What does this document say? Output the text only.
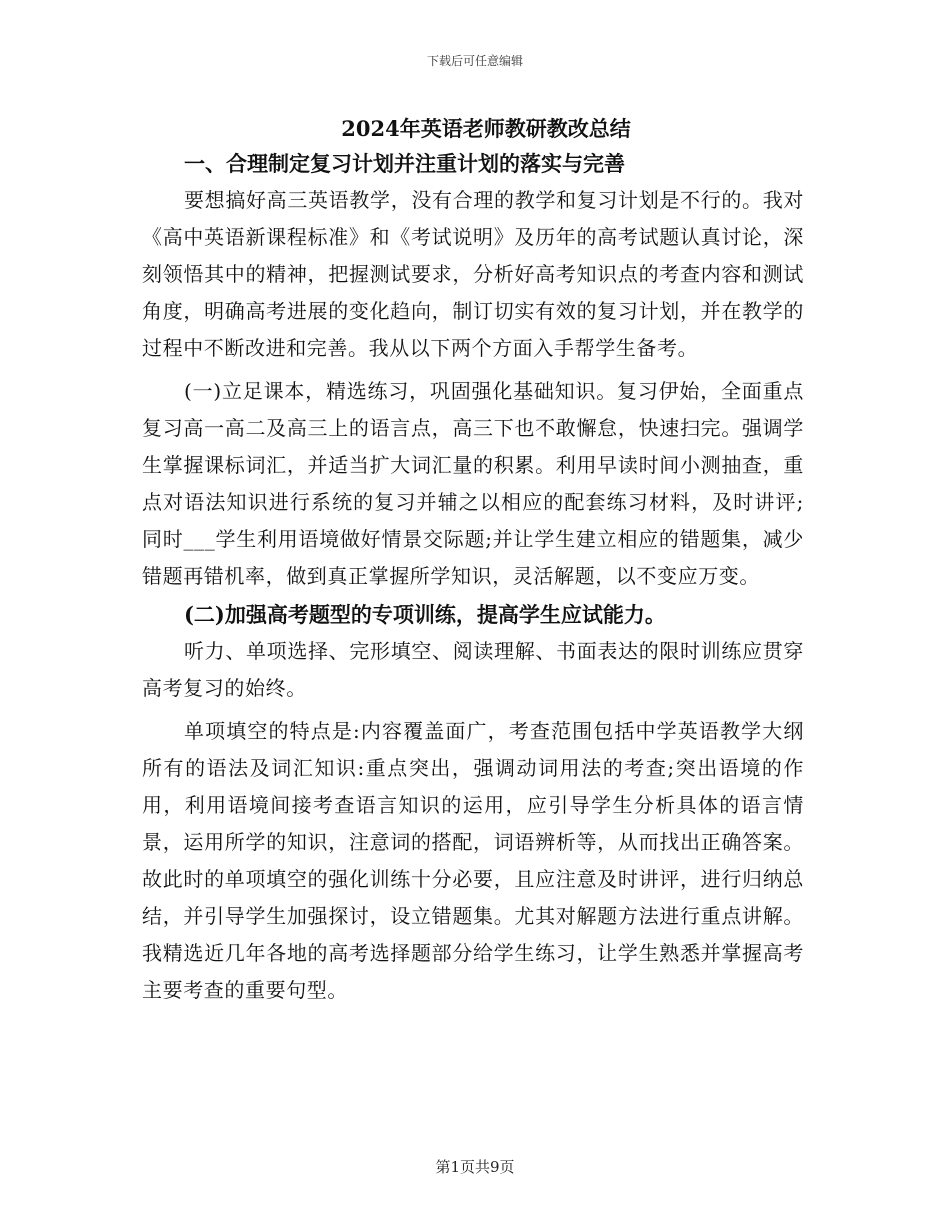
下载后可任意编辑
2024年英语老师教研教改总结
一、合理制定复习计划并注重计划的落实与完善

要想搞好高三英语教学，没有合理的教学和复习计划是不行的。我对《高中英语新课程标准》和《考试说明》及历年的高考试题认真讨论，深刻领悟其中的精神，把握测试要求，分析好高考知识点的考查内容和测试角度，明确高考进展的变化趋向，制订切实有效的复习计划，并在教学的过程中不断改进和完善。我从以下两个方面入手帮学生备考。

(一)立足课本，精选练习，巩固强化基础知识。复习伊始，全面重点复习高一高二及高三上的语言点，高三下也不敢懈怠，快速扫完。强调学生掌握课标词汇，并适当扩大词汇量的积累。利用早读时间小测抽查，重点对语法知识进行系统的复习并辅之以相应的配套练习材料，及时讲评;同时___学生利用语境做好情景交际题;并让学生建立相应的错题集，减少错题再错机率，做到真正掌握所学知识，灵活解题，以不变应万变。

(二)加强高考题型的专项训练，提高学生应试能力。

听力、单项选择、完形填空、阅读理解、书面表达的限时训练应贯穿高考复习的始终。

单项填空的特点是:内容覆盖面广，考查范围包括中学英语教学大纲所有的语法及词汇知识:重点突出，强调动词用法的考查;突出语境的作用，利用语境间接考查语言知识的运用，应引导学生分析具体的语言情景，运用所学的知识，注意词的搭配，词语辨析等，从而找出正确答案。故此时的单项填空的强化训练十分必要，且应注意及时讲评，进行归纳总结，并引导学生加强探讨，设立错题集。尤其对解题方法进行重点讲解。我精选近几年各地的高考选择题部分给学生练习，让学生熟悉并掌握高考主要考查的重要句型。

第1页共9页
